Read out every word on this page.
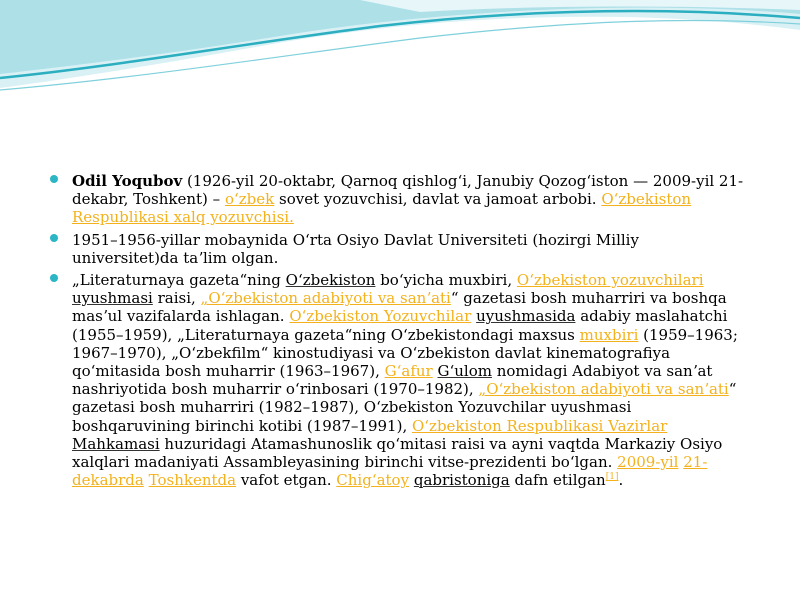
Odil Yoqubov (1926-yil 20-oktabr, Qarnoq qishlogʻi, Janubiy Qozogʻiston — 2009-yil 21-dekabr, Toshkent) – oʻzbek sovet yozuvchisi, davlat va jamoat arbobi. Oʻzbekiston Respublikasi xalq yozuvchisi.
1951–1956-yillar mobaynida Oʻrta Osiyo Davlat Universiteti (hozirgi Milliy universitet)da taʼlim olgan.
„Literaturnaya gazeta“ning Oʻzbekiston boʻyicha muxbiri, Oʻzbekiston yozuvchilari uyushmasi raisi, „Oʻzbekiston adabiyoti va sanʼati“ gazetasi bosh muharriri va boshqa masʼul vazifalarda ishlagan. Oʻzbekiston Yozuvchilar uyushmasida adabiy maslahatchi (1955–1959), „Literaturnaya gazeta“ning Oʻzbekistondagi maxsus muxbiri (1959–1963; 1967–1970), „Oʻzbekfilm“ kinostudiyasi va Oʻzbekiston davlat kinematografiya qoʻmitasida bosh muharrir (1963–1967), Gʻafur Gʻulom nomidagi Adabiyot va sanʼat nashriyotida bosh muharrir oʻrinbosari (1970–1982), „Oʻzbekiston adabiyoti va sanʼati“ gazetasi bosh muharriri (1982–1987), Oʻzbekiston Yozuvchilar uyushmasi boshqaruvining birinchi kotibi (1987–1991), Oʻzbekiston Respublikasi Vazirlar Mahkamasi huzuridagi Atamashunoslik qoʻmitasi raisi va ayni vaqtda Markaziy Osiyo xalqlari madaniyati Assambleyasining birinchi vitse-prezidenti boʻlgan. 2009-yil 21-dekabrda Toshkentda vafot etgan. Chigʻatoy qabristoniga dafn etilgan[1].
